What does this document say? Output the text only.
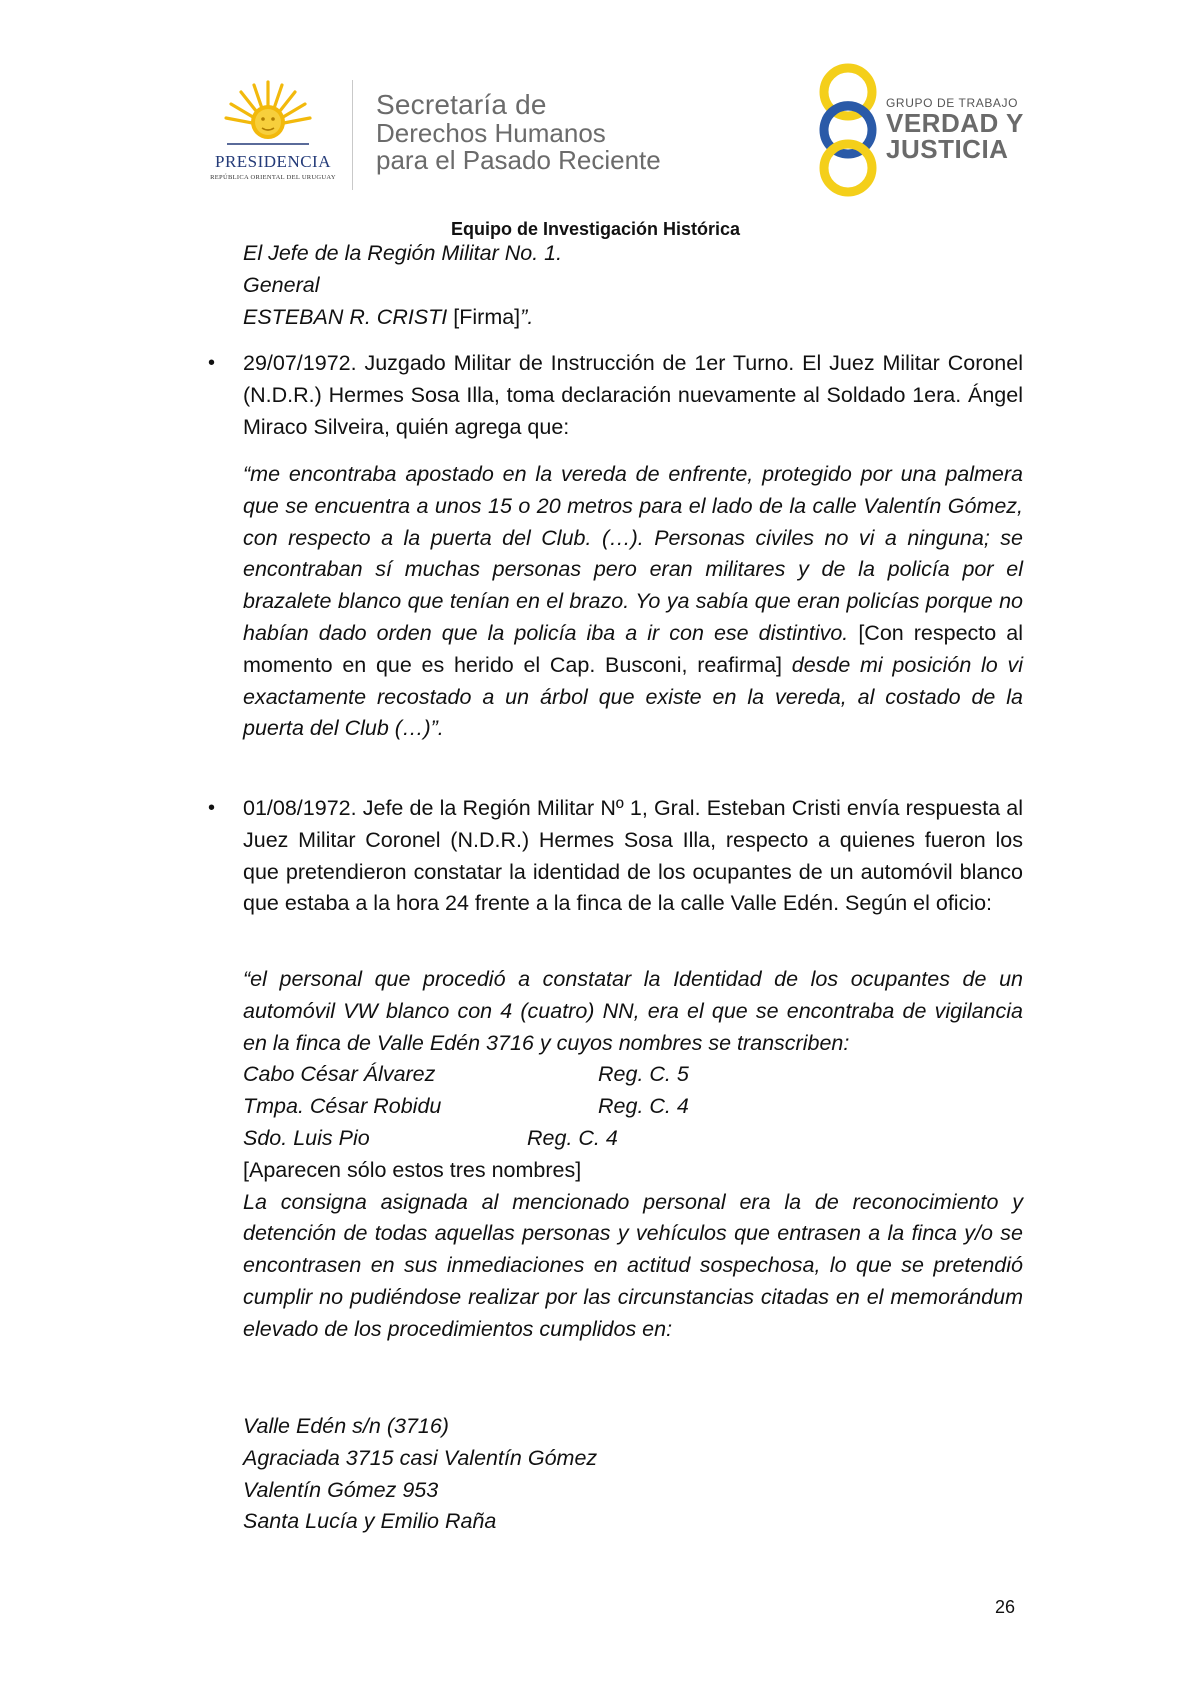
PRESIDENCIA
REPÚBLICA ORIENTAL DEL URUGUAY
Secretaría de
Derechos Humanos
para el Pasado Reciente
GRUPO DE TRABAJO
VERDAD Y
JUSTICIA
Equipo de Investigación Histórica
El Jefe de la Región Militar No. 1.
General
ESTEBAN R. CRISTI [Firma]”.
• 29/07/1972. Juzgado Militar de Instrucción de 1er Turno. El Juez Militar Coronel (N.D.R.) Hermes Sosa Illa, toma declaración nuevamente al Soldado 1era. Ángel Miraco Silveira, quién agrega que:
“me encontraba apostado en la vereda de enfrente, protegido por una palmera que se encuentra a unos 15 o 20 metros para el lado de la calle Valentín Gómez, con respecto a la puerta del Club. (…). Personas civiles no vi a ninguna; se encontraban sí muchas personas pero eran militares y de la policía por el brazalete blanco que tenían en el brazo. Yo ya sabía que eran policías porque no habían dado orden que la policía iba a ir con ese distintivo. [Con respecto al momento en que es herido el Cap. Busconi, reafirma] desde mi posición lo vi exactamente recostado a un árbol que existe en la vereda, al costado de la puerta del Club (…)”.
• 01/08/1972. Jefe de la Región Militar Nº 1, Gral. Esteban Cristi envía respuesta al Juez Militar Coronel (N.D.R.) Hermes Sosa Illa, respecto a quienes fueron los que pretendieron constatar la identidad de los ocupantes de un automóvil blanco que estaba a la hora 24 frente a la finca de la calle Valle Edén. Según el oficio:
“el personal que procedió a constatar la Identidad de los ocupantes de un automóvil VW blanco con 4 (cuatro) NN, era el que se encontraba de vigilancia en la finca de Valle Edén 3716 y cuyos nombres se transcriben:
Cabo César Álvarez	Reg. C. 5
Tmpa. César Robidu	Reg. C. 4
Sdo. Luis Pio	Reg. C. 4
[Aparecen sólo estos tres nombres]
La consigna asignada al mencionado personal era la de reconocimiento y detención de todas aquellas personas y vehículos que entrasen a la finca y/o se encontrasen en sus inmediaciones en actitud sospechosa, lo que se pretendió cumplir no pudiéndose realizar por las circunstancias citadas en el memorándum elevado de los procedimientos cumplidos en:
Valle Edén s/n (3716)
Agraciada 3715 casi Valentín Gómez
Valentín Gómez 953
Santa Lucía y Emilio Raña
26
